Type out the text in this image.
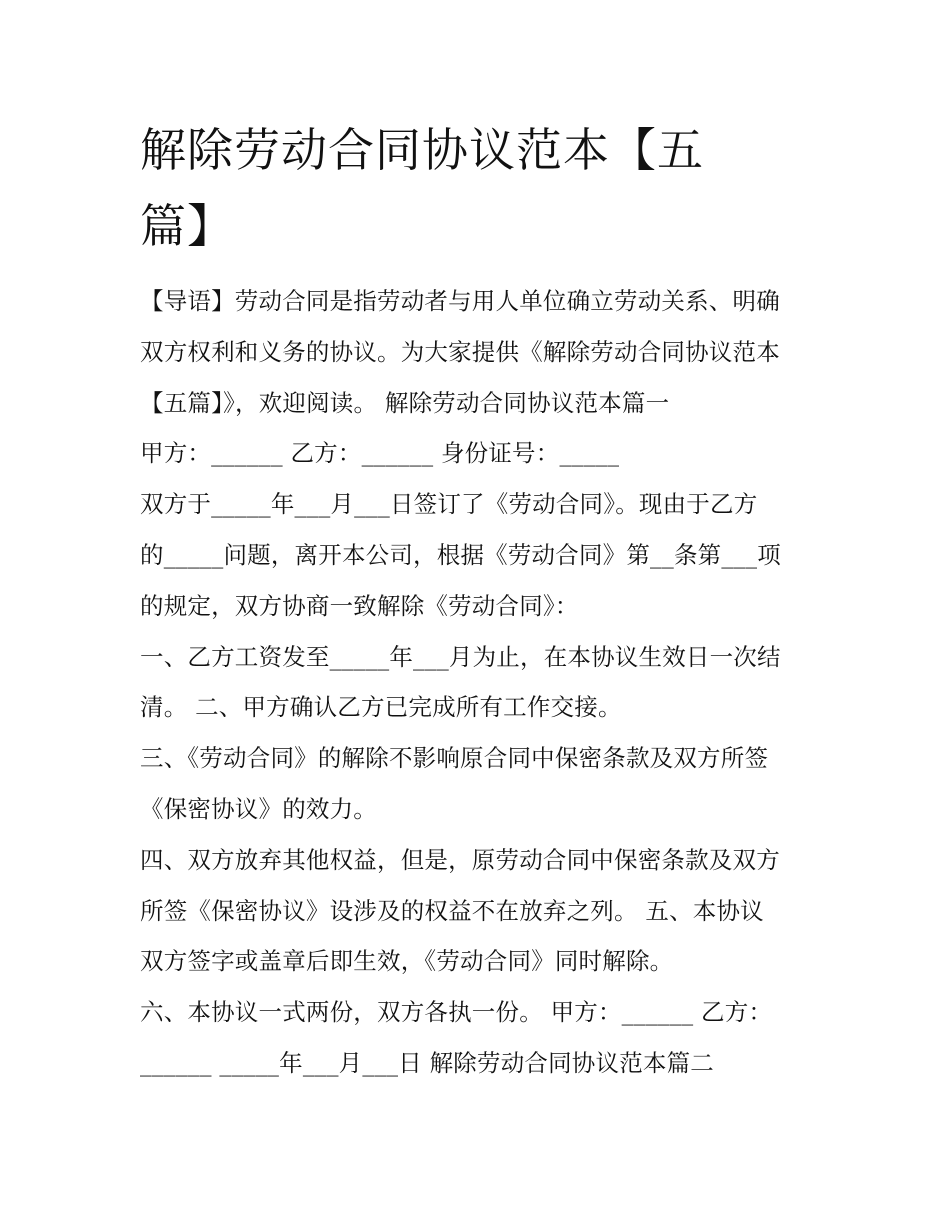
解除劳动合同协议范本【五
篇】
【导语】劳动合同是指劳动者与用人单位确立劳动关系、明确
双方权利和义务的协议。为大家提供《解除劳动合同协议范本
【五篇】》，欢迎阅读。 解除劳动合同协议范本篇一
甲方：______ 乙方：______ 身份证号：_____
双方于_____年___月___日签订了《劳动合同》。现由于乙方
的_____问题，离开本公司，根据《劳动合同》第__条第___项
的规定，双方协商一致解除《劳动合同》：
一、乙方工资发至_____年___月为止，在本协议生效日一次结
清。 二、甲方确认乙方已完成所有工作交接。
三、《劳动合同》的解除不影响原合同中保密条款及双方所签
《保密协议》的效力。
四、双方放弃其他权益，但是，原劳动合同中保密条款及双方
所签《保密协议》设涉及的权益不在放弃之列。 五、本协议
双方签字或盖章后即生效，《劳动合同》同时解除。
六、本协议一式两份，双方各执一份。 甲方：______ 乙方：
______ _____年___月___日 解除劳动合同协议范本篇二
